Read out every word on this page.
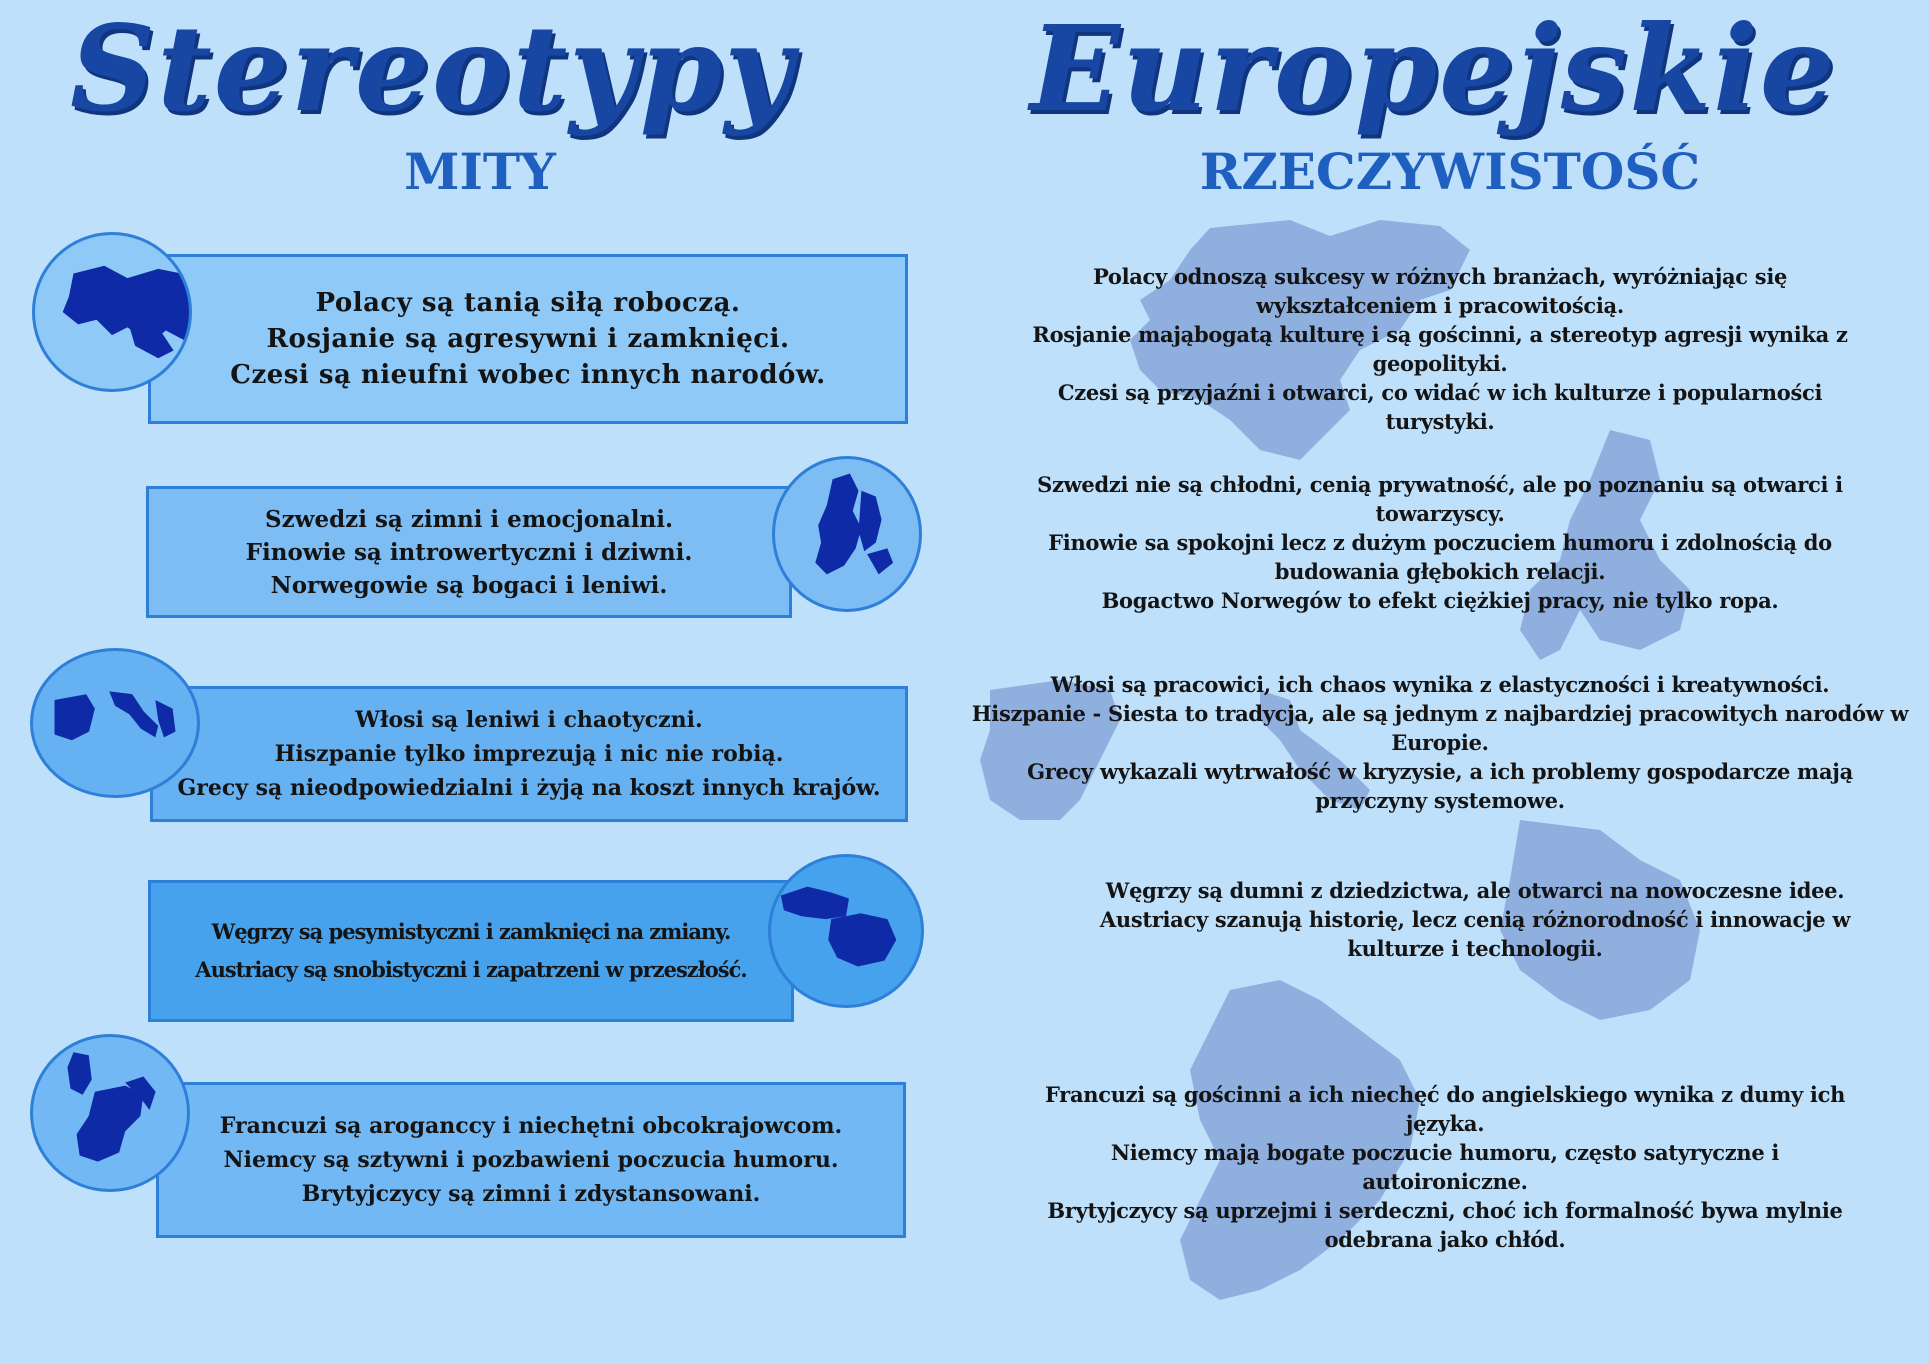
Stereotypy Europejskie
MITY	RZECZYWISTOŚĆ
Polacy są tanią siłą roboczą.
Rosjanie są agresywni i zamknięci.
Czesi są nieufni wobec innych narodów.
Szwedzi są zimni i emocjonalni.
Finowie są introwertyczni i dziwni.
Norwegowie są bogaci i leniwi.
Włosi są leniwi i chaotyczni.
Hiszpanie tylko imprezują i nic nie robią.
Grecy są nieodpowiedzialni i żyją na koszt innych krajów.
Węgrzy są pesymistyczni i zamknięci na zmiany.
Austriacy są snobistyczni i zapatrzeni w przeszłość.
Francuzi są aroganccy i niechętni obcokrajowcom.
Niemcy są sztywni i pozbawieni poczucia humoru.
Brytyjczycy są zimni i zdystansowani.
Polacy odnoszą sukcesy w różnych branżach, wyróżniając się
wykształceniem i pracowitością.
Rosjanie mająbogatą kulturę i są gościnni, a stereotyp agresji wynika z
geopolityki.
Czesi są przyjaźni i otwarci, co widać w ich kulturze i popularności
turystyki.
Szwedzi nie są chłodni, cenią prywatność, ale po poznaniu są otwarci i
towarzyscy.
Finowie sa spokojni lecz z dużym poczuciem humoru i zdolnością do
budowania głębokich relacji.
Bogactwo Norwegów to efekt ciężkiej pracy, nie tylko ropa.
Włosi są pracowici, ich chaos wynika z elastyczności i kreatywności.
Hiszpanie - Siesta to tradycja, ale są jednym z najbardziej pracowitych narodów w
Europie.
Grecy wykazali wytrwałość w kryzysie, a ich problemy gospodarcze mają
przyczyny systemowe.
Węgrzy są dumni z dziedzictwa, ale otwarci na nowoczesne idee.
Austriacy szanują historię, lecz cenią różnorodność i innowacje w
kulturze i technologii.
Francuzi są gościnni a ich niechęć do angielskiego wynika z dumy ich
języka.
Niemcy mają bogate poczucie humoru, często satyryczne i
autoironiczne.
Brytyjczycy są uprzejmi i serdeczni, choć ich formalność bywa mylnie
odebrana jako chłód.
